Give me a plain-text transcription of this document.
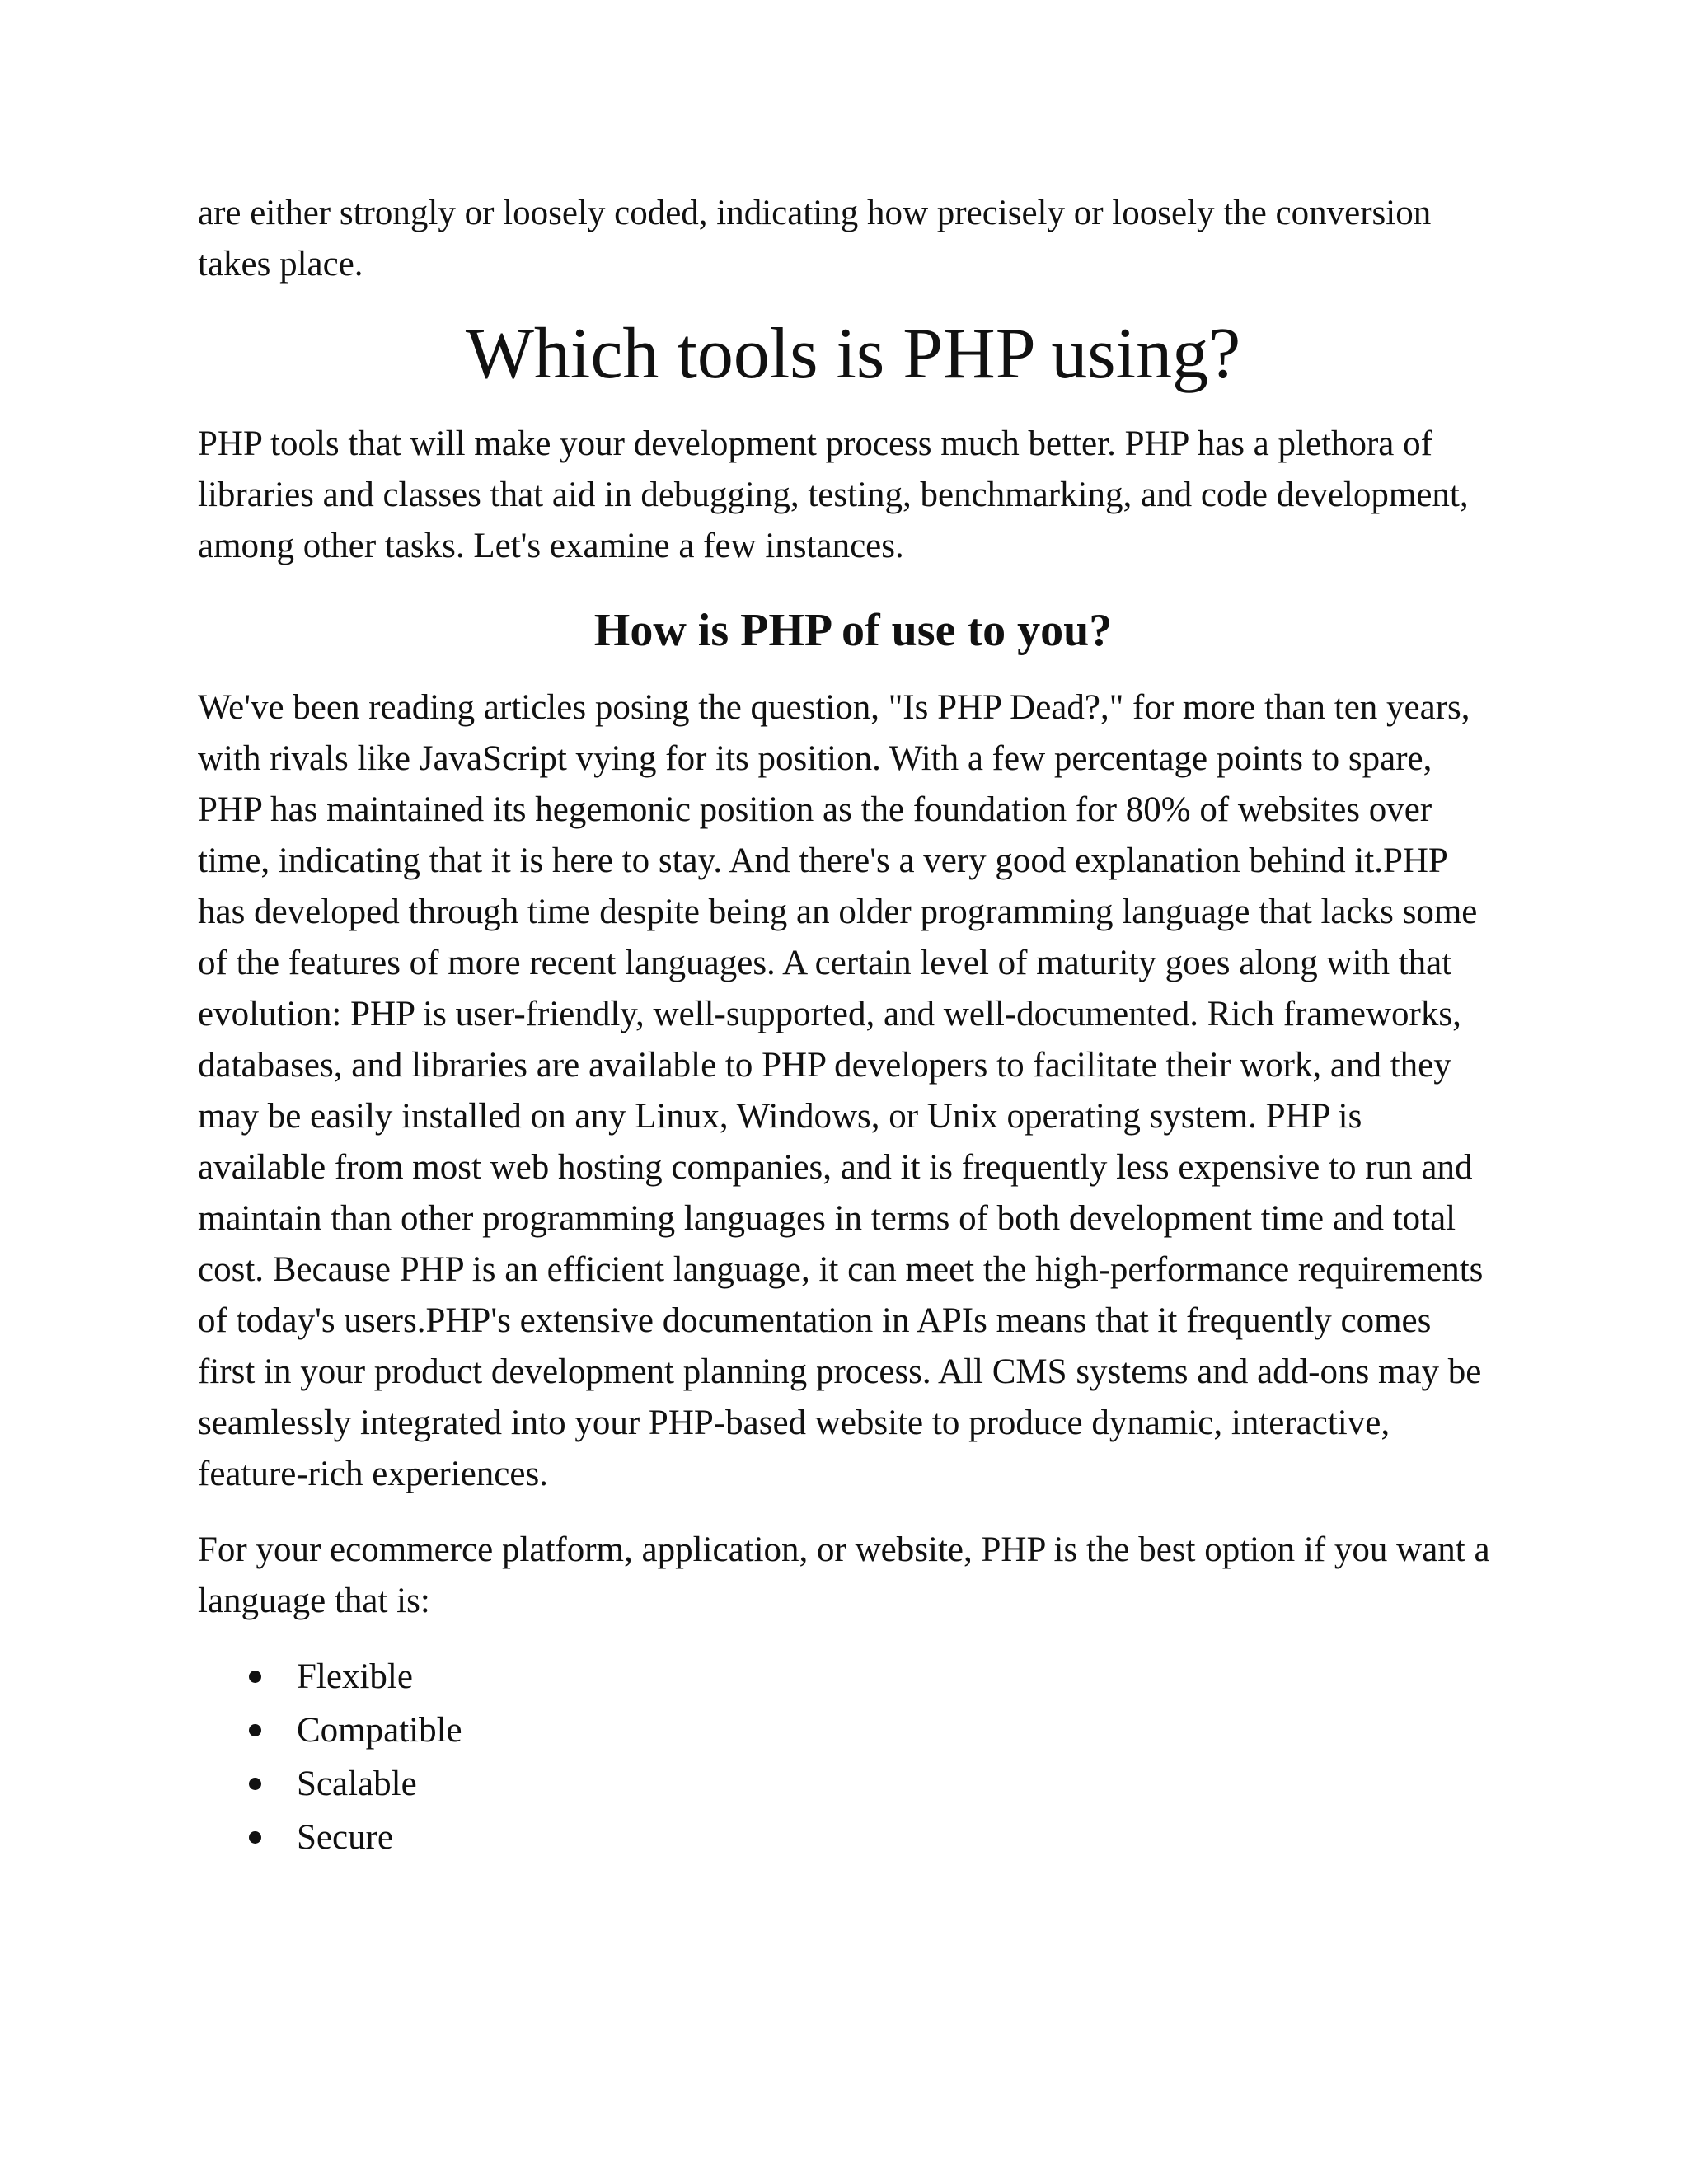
are either strongly or loosely coded, indicating how precisely or loosely the conversion takes place.

Which tools is PHP using?

PHP tools that will make your development process much better. PHP has a plethora of libraries and classes that aid in debugging, testing, benchmarking, and code development, among other tasks. Let's examine a few instances.

How is PHP of use to you?

We've been reading articles posing the question, "Is PHP Dead?," for more than ten years, with rivals like JavaScript vying for its position. With a few percentage points to spare, PHP has maintained its hegemonic position as the foundation for 80% of websites over time, indicating that it is here to stay. And there's a very good explanation behind it.PHP has developed through time despite being an older programming language that lacks some of the features of more recent languages. A certain level of maturity goes along with that evolution: PHP is user-friendly, well-supported, and well-documented. Rich frameworks, databases, and libraries are available to PHP developers to facilitate their work, and they may be easily installed on any Linux, Windows, or Unix operating system. PHP is available from most web hosting companies, and it is frequently less expensive to run and maintain than other programming languages in terms of both development time and total cost. Because PHP is an efficient language, it can meet the high-performance requirements of today's users.PHP's extensive documentation in APIs means that it frequently comes first in your product development planning process. All CMS systems and add-ons may be seamlessly integrated into your PHP-based website to produce dynamic, interactive, feature-rich experiences.

For your ecommerce platform, application, or website, PHP is the best option if you want a language that is:

Flexible
Compatible
Scalable
Secure
